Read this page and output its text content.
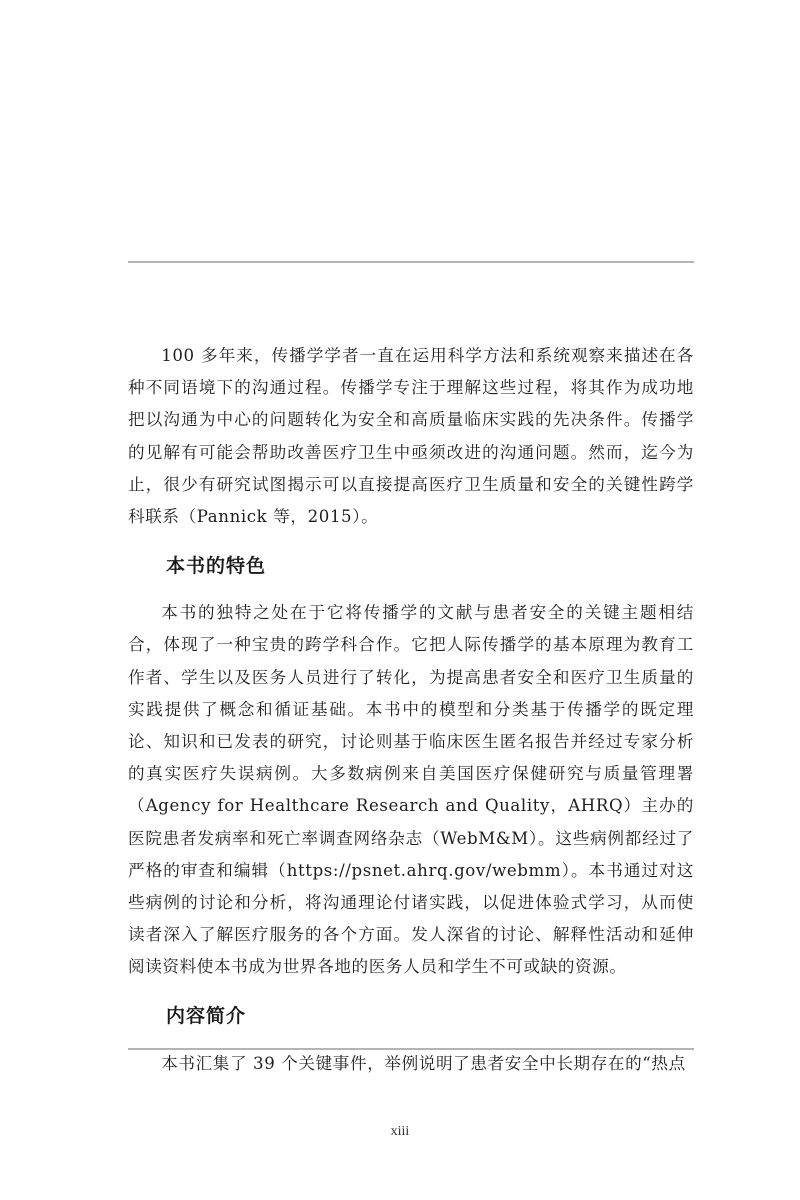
100 多年来，传播学学者一直在运用科学方法和系统观察来描述在各种不同语境下的沟通过程。传播学专注于理解这些过程，将其作为成功地把以沟通为中心的问题转化为安全和高质量临床实践的先决条件。传播学的见解有可能会帮助改善医疗卫生中亟须改进的沟通问题。然而，迄今为止，很少有研究试图揭示可以直接提高医疗卫生质量和安全的关键性跨学科联系（Pannick 等，2015）。

本书的特色

本书的独特之处在于它将传播学的文献与患者安全的关键主题相结合，体现了一种宝贵的跨学科合作。它把人际传播学的基本原理为教育工作者、学生以及医务人员进行了转化，为提高患者安全和医疗卫生质量的实践提供了概念和循证基础。本书中的模型和分类基于传播学的既定理论、知识和已发表的研究，讨论则基于临床医生匿名报告并经过专家分析的真实医疗失误病例。大多数病例来自美国医疗保健研究与质量管理署（Agency for Healthcare Research and Quality，AHRQ）主办的医院患者发病率和死亡率调查网络杂志（WebM&M）。这些病例都经过了严格的审查和编辑（https://psnet.ahrq.gov/webmm）。本书通过对这些病例的讨论和分析，将沟通理论付诸实践，以促进体验式学习，从而使读者深入了解医疗服务的各个方面。发人深省的讨论、解释性活动和延伸阅读资料使本书成为世界各地的医务人员和学生不可或缺的资源。

内容简介

本书汇集了 39 个关键事件，举例说明了患者安全中长期存在的“热点

xiii
